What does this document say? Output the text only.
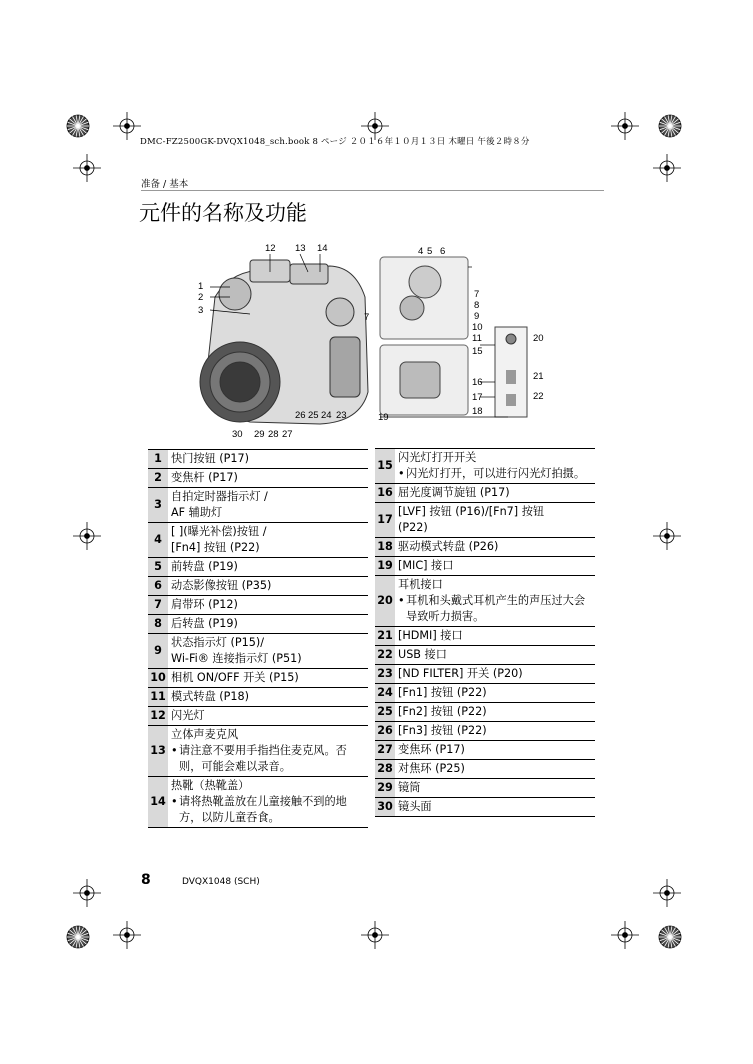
DMC-FZ2500GK-DVQX1048_sch.book 8 ページ ２０１６年１０月１３日 木曜日 午後２時８分
准备 / 基本
元件的名称及功能
12 13 14	4 5 6
1
2
3
7
8
9
10
11
15
16
17
18
20
21
22
30 29 28 27
26 25 24 23	19
7
1	快门按钮 (P17)

2	变焦杆 (P17)

3	自拍定时器指示灯 /
AF 辅助灯

4	[ ](曝光补偿)按钮 /
[Fn4] 按钮 (P22)

5	前转盘 (P19)

6	动态影像按钮 (P35)

7	肩带环 (P12)

8	后转盘 (P19)

9	状态指示灯 (P15)/
Wi-Fi® 连接指示灯 (P51)

10	相机 ON/OFF 开关 (P15)

11	模式转盘 (P18)

12	闪光灯

13	立体声麦克风
• 请注意不要用手指挡住麦克风。否则，可能会难以录音。

14	热靴（热靴盖）
• 请将热靴盖放在儿童接触不到的地方，以防儿童吞食。
15	闪光灯打开开关
• 闪光灯打开，可以进行闪光灯拍摄。

16	屈光度调节旋钮 (P17)

17	[LVF] 按钮 (P16)/[Fn7] 按钮
(P22)

18	驱动模式转盘 (P26)

19	[MIC] 接口

20	耳机接口
• 耳机和头戴式耳机产生的声压过大会导致听力损害。

21	[HDMI] 接口

22	USB 接口

23	[ND FILTER] 开关 (P20)

24	[Fn1] 按钮 (P22)

25	[Fn2] 按钮 (P22)

26	[Fn3] 按钮 (P22)

27	变焦环 (P17)

28	对焦环 (P25)

29	镜筒

30	镜头面
8	DVQX1048 (SCH)
